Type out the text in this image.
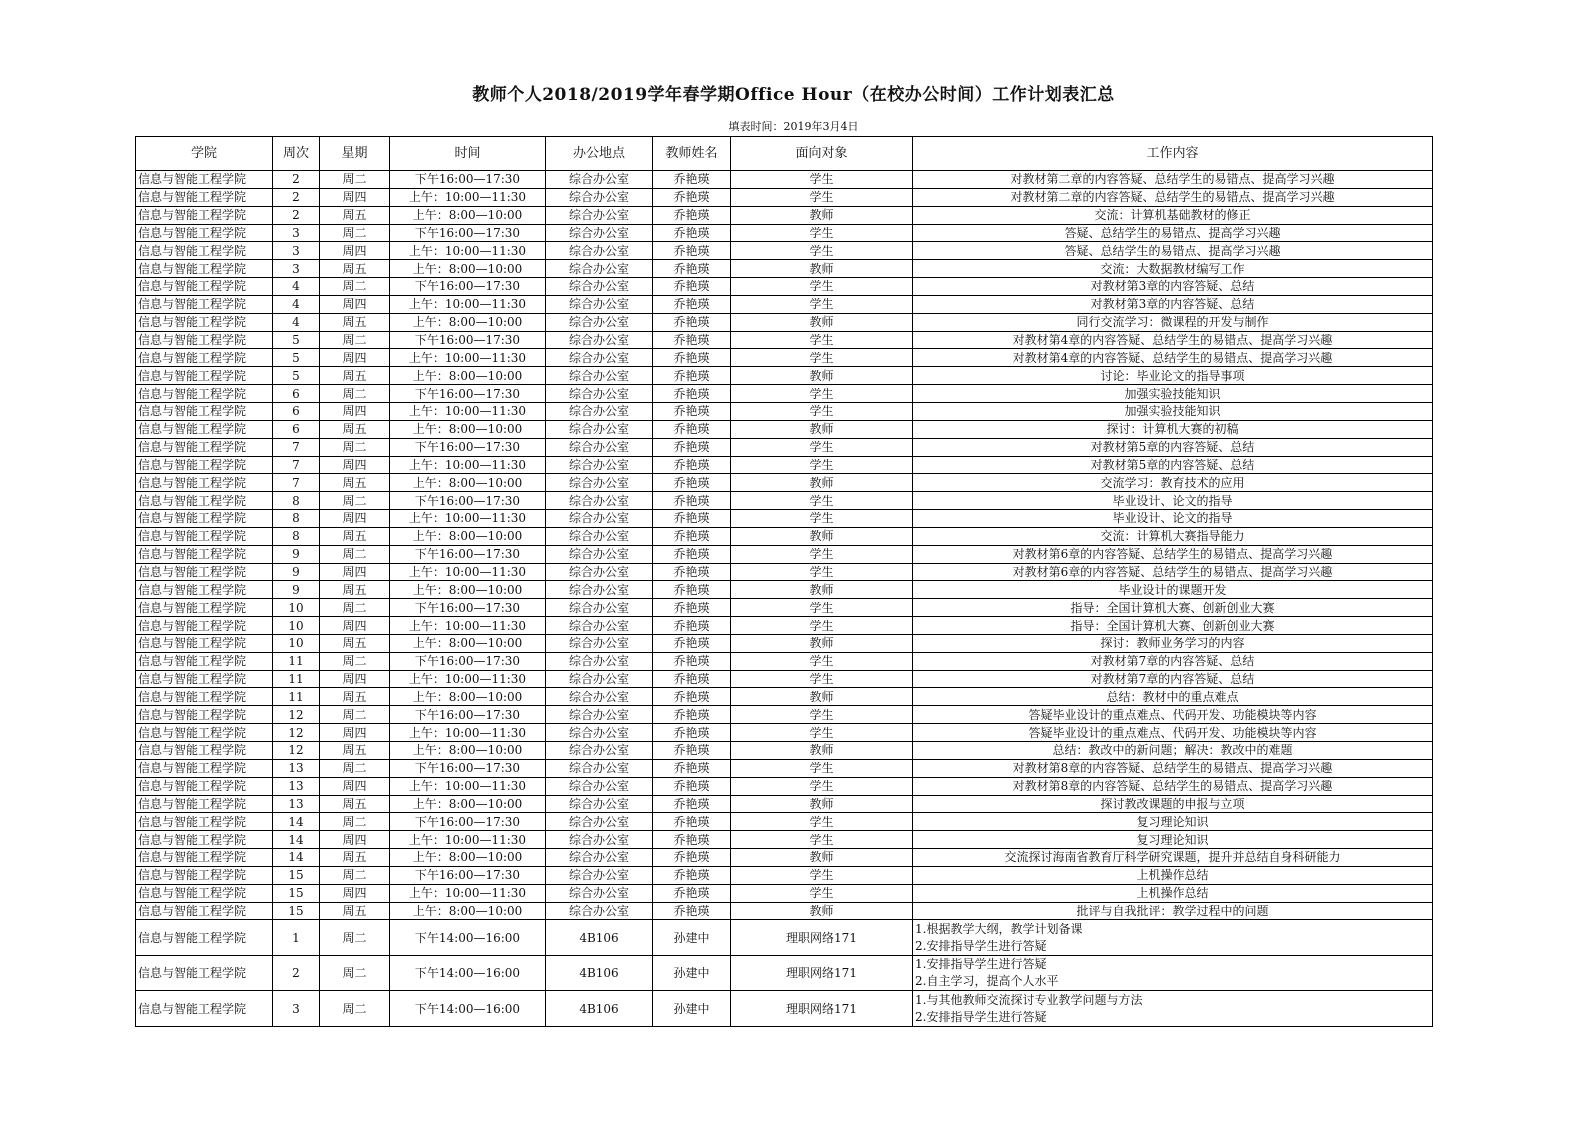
教师个人2018/2019学年春学期Office Hour（在校办公时间）工作计划表汇总
填表时间：2019年3月4日
学院	周次	星期	时间	办公地点	教师姓名	面向对象	工作内容
信息与智能工程学院	2	周二	下午16:00—17:30	综合办公室	乔艳瑛	学生	对教材第二章的内容答疑、总结学生的易错点、提高学习兴趣

信息与智能工程学院	2	周四	上午：10:00—11:30	综合办公室	乔艳瑛	学生	对教材第二章的内容答疑、总结学生的易错点、提高学习兴趣

信息与智能工程学院	2	周五	上午：8:00—10:00	综合办公室	乔艳瑛	教师	交流：计算机基础教材的修正

信息与智能工程学院	3	周二	下午16:00—17:30	综合办公室	乔艳瑛	学生	答疑、总结学生的易错点、提高学习兴趣

信息与智能工程学院	3	周四	上午：10:00—11:30	综合办公室	乔艳瑛	学生	答疑、总结学生的易错点、提高学习兴趣

信息与智能工程学院	3	周五	上午：8:00—10:00	综合办公室	乔艳瑛	教师	交流：大数据教材编写工作

信息与智能工程学院	4	周二	下午16:00—17:30	综合办公室	乔艳瑛	学生	对教材第3章的内容答疑、总结

信息与智能工程学院	4	周四	上午：10:00—11:30	综合办公室	乔艳瑛	学生	对教材第3章的内容答疑、总结

信息与智能工程学院	4	周五	上午：8:00—10:00	综合办公室	乔艳瑛	教师	同行交流学习：微课程的开发与制作

信息与智能工程学院	5	周二	下午16:00—17:30	综合办公室	乔艳瑛	学生	对教材第4章的内容答疑、总结学生的易错点、提高学习兴趣

信息与智能工程学院	5	周四	上午：10:00—11:30	综合办公室	乔艳瑛	学生	对教材第4章的内容答疑、总结学生的易错点、提高学习兴趣

信息与智能工程学院	5	周五	上午：8:00—10:00	综合办公室	乔艳瑛	教师	讨论：毕业论文的指导事项

信息与智能工程学院	6	周二	下午16:00—17:30	综合办公室	乔艳瑛	学生	加强实验技能知识

信息与智能工程学院	6	周四	上午：10:00—11:30	综合办公室	乔艳瑛	学生	加强实验技能知识

信息与智能工程学院	6	周五	上午：8:00—10:00	综合办公室	乔艳瑛	教师	探讨：计算机大赛的初稿

信息与智能工程学院	7	周二	下午16:00—17:30	综合办公室	乔艳瑛	学生	对教材第5章的内容答疑、总结

信息与智能工程学院	7	周四	上午：10:00—11:30	综合办公室	乔艳瑛	学生	对教材第5章的内容答疑、总结

信息与智能工程学院	7	周五	上午：8:00—10:00	综合办公室	乔艳瑛	教师	交流学习：教育技术的应用

信息与智能工程学院	8	周二	下午16:00—17:30	综合办公室	乔艳瑛	学生	毕业设计、论文的指导

信息与智能工程学院	8	周四	上午：10:00—11:30	综合办公室	乔艳瑛	学生	毕业设计、论文的指导

信息与智能工程学院	8	周五	上午：8:00—10:00	综合办公室	乔艳瑛	教师	交流：计算机大赛指导能力

信息与智能工程学院	9	周二	下午16:00—17:30	综合办公室	乔艳瑛	学生	对教材第6章的内容答疑、总结学生的易错点、提高学习兴趣

信息与智能工程学院	9	周四	上午：10:00—11:30	综合办公室	乔艳瑛	学生	对教材第6章的内容答疑、总结学生的易错点、提高学习兴趣

信息与智能工程学院	9	周五	上午：8:00—10:00	综合办公室	乔艳瑛	教师	毕业设计的课题开发

信息与智能工程学院	10	周二	下午16:00—17:30	综合办公室	乔艳瑛	学生	指导：全国计算机大赛、创新创业大赛

信息与智能工程学院	10	周四	上午：10:00—11:30	综合办公室	乔艳瑛	学生	指导：全国计算机大赛、创新创业大赛

信息与智能工程学院	10	周五	上午：8:00—10:00	综合办公室	乔艳瑛	教师	探讨：教师业务学习的内容

信息与智能工程学院	11	周二	下午16:00—17:30	综合办公室	乔艳瑛	学生	对教材第7章的内容答疑、总结

信息与智能工程学院	11	周四	上午：10:00—11:30	综合办公室	乔艳瑛	学生	对教材第7章的内容答疑、总结

信息与智能工程学院	11	周五	上午：8:00—10:00	综合办公室	乔艳瑛	教师	总结：教材中的重点难点

信息与智能工程学院	12	周二	下午16:00—17:30	综合办公室	乔艳瑛	学生	答疑毕业设计的重点难点、代码开发、功能模块等内容

信息与智能工程学院	12	周四	上午：10:00—11:30	综合办公室	乔艳瑛	学生	答疑毕业设计的重点难点、代码开发、功能模块等内容

信息与智能工程学院	12	周五	上午：8:00—10:00	综合办公室	乔艳瑛	教师	总结：教改中的新问题；解决：教改中的难题

信息与智能工程学院	13	周二	下午16:00—17:30	综合办公室	乔艳瑛	学生	对教材第8章的内容答疑、总结学生的易错点、提高学习兴趣

信息与智能工程学院	13	周四	上午：10:00—11:30	综合办公室	乔艳瑛	学生	对教材第8章的内容答疑、总结学生的易错点、提高学习兴趣

信息与智能工程学院	13	周五	上午：8:00—10:00	综合办公室	乔艳瑛	教师	探讨教改课题的申报与立项

信息与智能工程学院	14	周二	下午16:00—17:30	综合办公室	乔艳瑛	学生	复习理论知识

信息与智能工程学院	14	周四	上午：10:00—11:30	综合办公室	乔艳瑛	学生	复习理论知识

信息与智能工程学院	14	周五	上午：8:00—10:00	综合办公室	乔艳瑛	教师	交流探讨海南省教育厅科学研究课题，提升并总结自身科研能力

信息与智能工程学院	15	周二	下午16:00—17:30	综合办公室	乔艳瑛	学生	上机操作总结

信息与智能工程学院	15	周四	上午：10:00—11:30	综合办公室	乔艳瑛	学生	上机操作总结

信息与智能工程学院	15	周五	上午：8:00—10:00	综合办公室	乔艳瑛	教师	批评与自我批评：教学过程中的问题

信息与智能工程学院	1	周二	下午14:00—16:00	4B106	孙建中	理职网络171	1.根据教学大纲，教学计划备课
2.安排指导学生进行答疑

信息与智能工程学院	2	周二	下午14:00—16:00	4B106	孙建中	理职网络171	1.安排指导学生进行答疑
2.自主学习，提高个人水平

信息与智能工程学院	3	周二	下午14:00—16:00	4B106	孙建中	理职网络171	1.与其他教师交流探讨专业教学问题与方法
2.安排指导学生进行答疑
